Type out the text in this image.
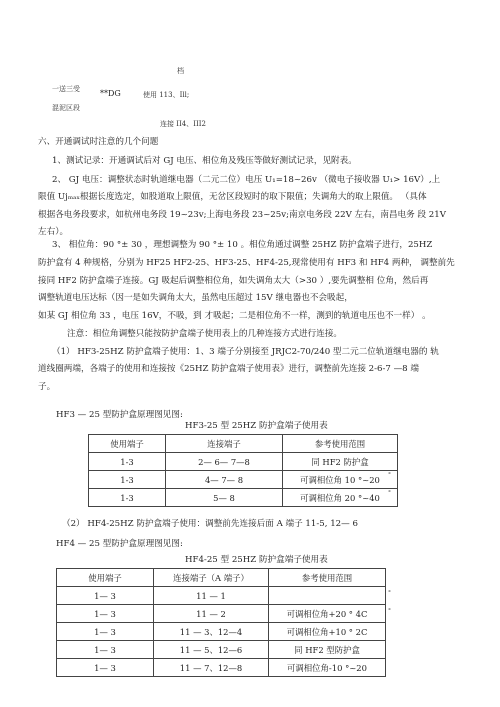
档
一送三受	**DG	使用 113、Ill;
混泥区段
连接 II4、III2
六、开通调试时注意的几个问题
1、测试记录：开通调试后对 GJ 电压、相位角及残压等做好测试记录，见附表。
2、 GJ 电压：调整状态时轨道继电器（二元二位）电压 U₁=18~26v （微电子接收器 U₁> 16V）,上
限值 Ujₘₐₓ根据长度选定，如股道取上限值，无岔区段短时的取下限值；失调角大的取上限值。 （具体
根据各电务段要求，如杭州电务段 19~23v;上海电务段 23~25v;南京电务段 22V 左右，南昌电务 段 21V
左右）。
3、 相位角：90 °± 30 ，理想调整为 90 °± 10 。相位角通过调整 25HZ 防护盒端子进行，25HZ
防护盒有 4 种规格，分别为 HF25 HF2-25、HF3-25、HF4-25,现常使用有 HF3 和 HF4 两种， 调整前先
接同 HF2 防护盒端子连接。GJ 吸起后调整相位角，如失调角太大（>30 ）,要先调整相 位角，然后再
调整轨道电压达标（因一是如失调角太大，虽然电压超过 15V 继电器也不会吸起，
如某 GJ 相位角 33 ，电压 16V，不吸，到 才吸起；二是相位角不一样，测到的轨道电压也不一样） 。
注意：相位角调整只能按防护盒端子使用表上的几种连接方式进行连接。
（1） HF3-25HZ 防护盒端子使用：1、3 端子分别接至 JRJC2-70/240 型二元二位轨道继电器的 轨
道线圈两端，各端子的使用和连接按《25HZ 防护盒端子使用表》进行，调整前先连接 2-6-7 —8 端
子。
HF3 — 25 型防护盒原理图见图:
HF3-25 型 25HZ 防护盒端子使用表
使用端子	连接端子	参考使用范围
1-3	2— 6— 7—8	同 HF2 防护盒
1-3	4— 7— 8	可调相位角 10 °~20
1-3	5— 8	可调相位角 20 °~40
°
°
（2） HF4-25HZ 防护盒端子使用：调整前先连接后面 A 端子 11-5, 12— 6
HF4 — 25 型防护盒原理图见图:
HF4-25 型 25HZ 防护盒端子使用表
使用端子	连接端子（A 端子）	参考使用范围
1— 3	11 — 1	
1— 3	11 — 2	可调相位角+20 ° 4C
1— 3	11 — 3、12—4	可调相位角+10 ° 2C
1— 3	11 — 5、12—6	同 HF2 型防护盒
1— 3	11 — 7、12—8	可调相位角-10 °~20
°
°
